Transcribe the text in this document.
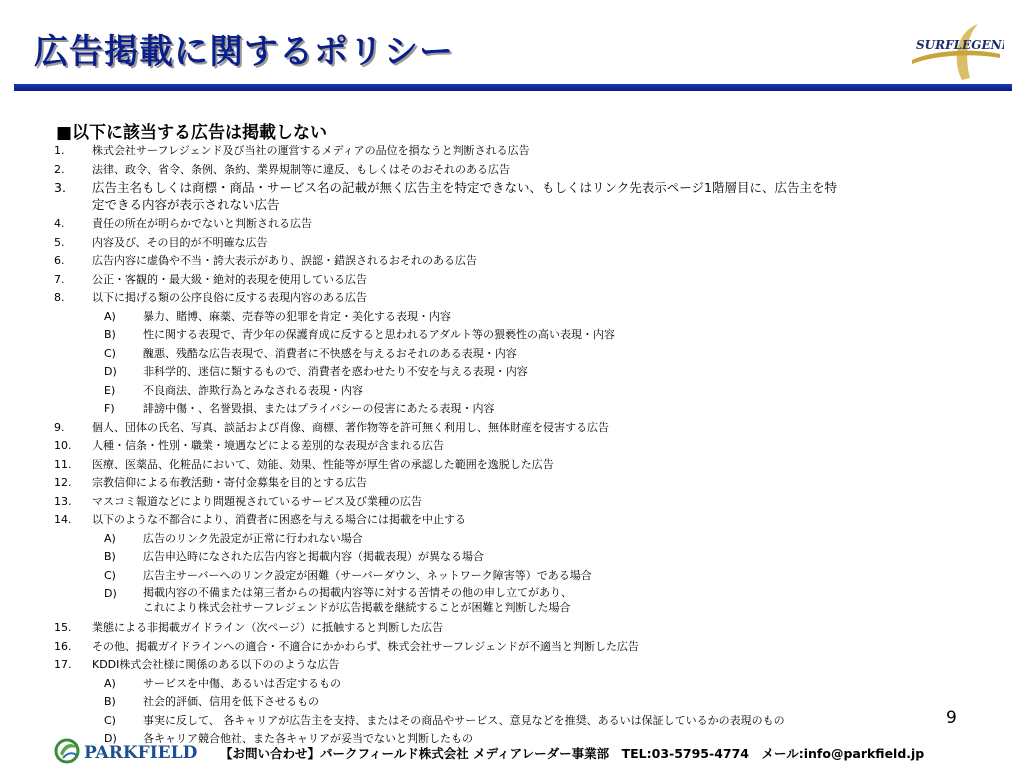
広告掲載に関するポリシー	SURFLEGEND
■以下に該当する広告は掲載しない
1.	株式会社サーフレジェンド及び当社の運営するメディアの品位を損なうと判断される広告
2.	法律、政令、省令、条例、条約、業界規制等に違反、もしくはそのおそれのある広告
3. 広告主名もしくは商標・商品・サービス名の記載が無く広告主を特定できない、もしくはリンク先表示ページ1階層目に、広告主を特
定できる内容が表示されない広告
4.	責任の所在が明らかでないと判断される広告
5.	内容及び、その目的が不明確な広告
6.	広告内容に虚偽や不当・誇大表示があり、誤認・錯誤されるおそれのある広告
7.	公正・客観的・最大級・絶対的表現を使用している広告
8.	以下に掲げる類の公序良俗に反する表現内容のある広告
A) 暴力、賭博、麻薬、売春等の犯罪を肯定・美化する表現・内容
B) 性に関する表現で、青少年の保護育成に反すると思われるアダルト等の猥褻性の高い表現・内容
C) 醜悪、残酷な広告表現で、消費者に不快感を与えるおそれのある表現・内容
D) 非科学的、迷信に類するもので、消費者を惑わせたり不安を与える表現・内容
E)	不良商法、詐欺行為とみなされる表現・内容
F)	誹謗中傷・、名誉毀損、またはプライバシーの侵害にあたる表現・内容
9.	個人、団体の氏名、写真、談話および肖像、商標、著作物等を許可無く利用し、無体財産を侵害する広告
10. 人種・信条・性別・職業・境遇などによる差別的な表現が含まれる広告
11. 医療、医薬品、化粧品において、効能、効果、性能等が厚生省の承認した範囲を逸脱した広告
12. 宗教信仰による布教活動・寄付金募集を目的とする広告
13. マスコミ報道などにより問題視されているサービス及び業種の広告
14. 以下のような不都合により、消費者に困惑を与える場合には掲載を中止する
A) 広告のリンク先設定が正常に行われない場合
B) 広告申込時になされた広告内容と掲載内容（掲載表現）が異なる場合
C) 広告主サーバーへのリンク設定が困難（サーバーダウン、ネットワーク障害等）である場合
D) 掲載内容の不備または第三者からの掲載内容等に対する苦情その他の申し立てがあり、
これにより株式会社サーフレジェンドが広告掲載を継続することが困難と判断した場合
15. 業態による非掲載ガイドライン（次ページ）に抵触すると判断した広告
16. その他、掲載ガイドラインへの適合・不適合にかかわらず、株式会社サーフレジェンドが不適当と判断した広告
17. KDDI株式会社様に関係のある以下ののような広告
A) サービスを中傷、あるいは否定するもの
B) 社会的評価、信用を低下させるもの
C) 事実に反して、 各キャリアが広告主を支持、またはその商品やサービス、意見などを推奨、あるいは保証しているかの表現のもの
D) 各キャリア競合他社、また各キャリアが妥当でないと判断したもの
9
PARKFIELD 【お問い合わせ】パークフィールド株式会社 メディアレーダー事業部　TEL:03-5795-4774　メール:info@parkfield.jp
